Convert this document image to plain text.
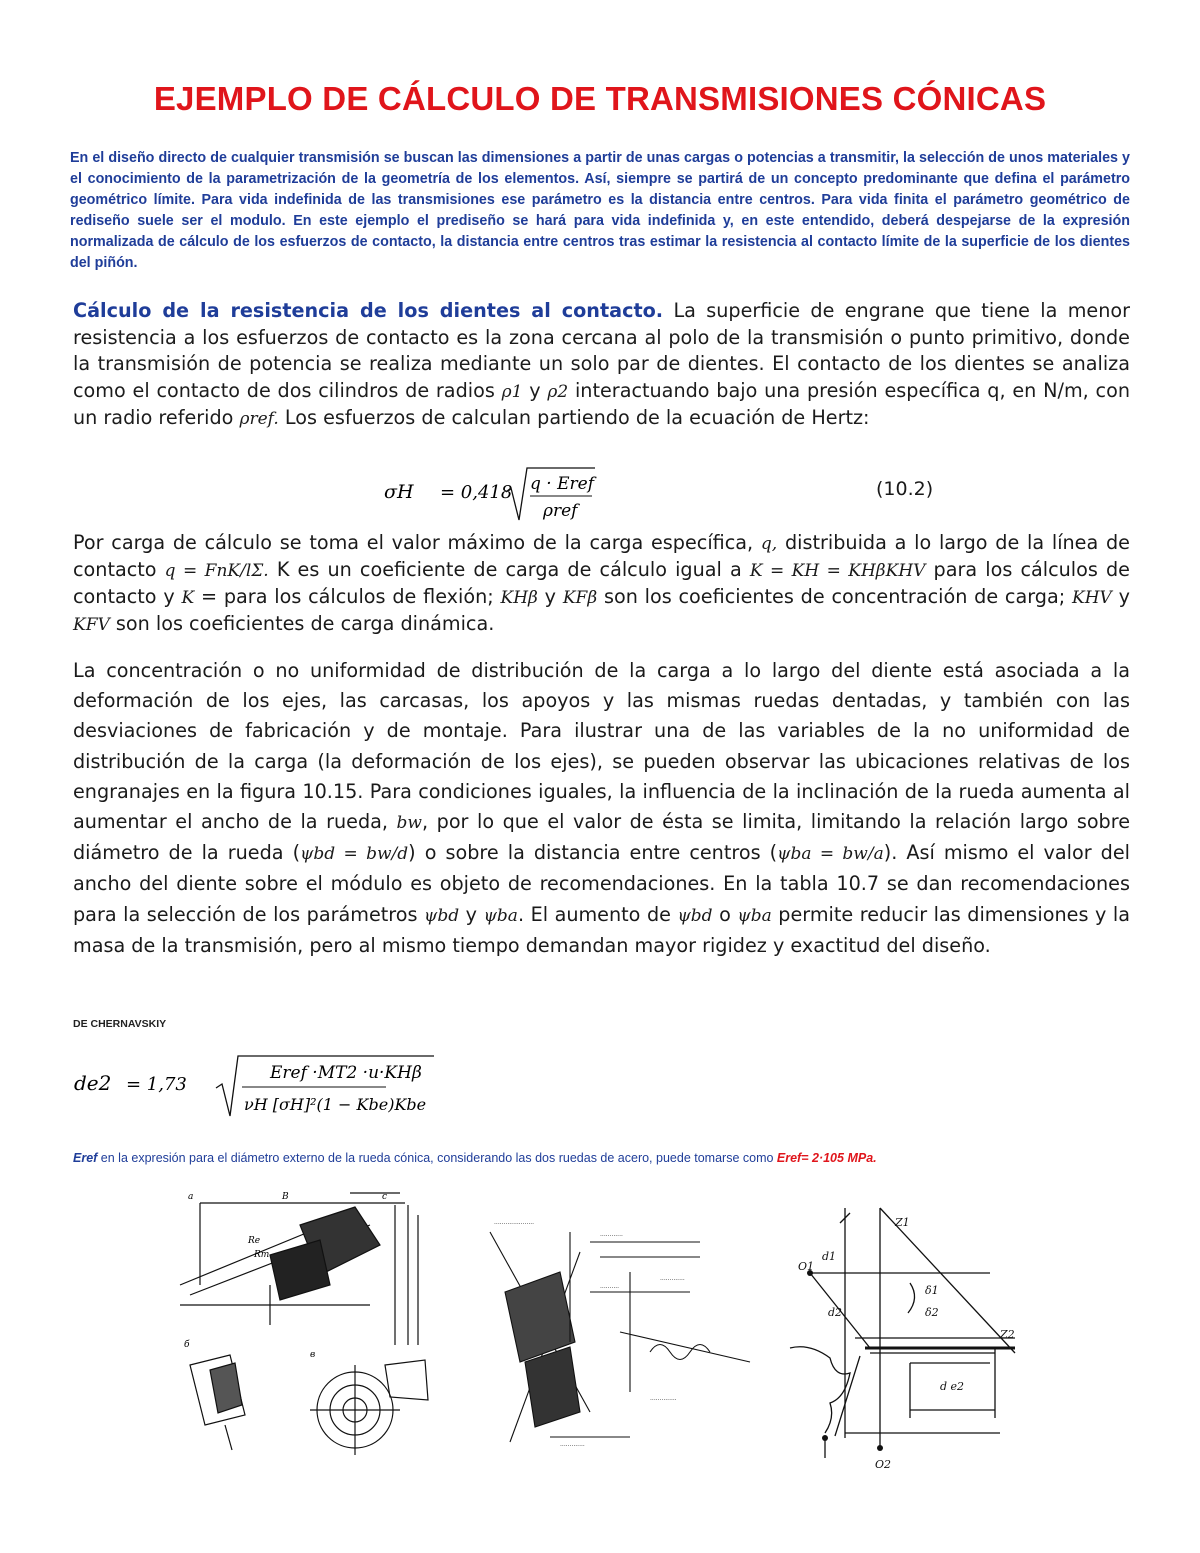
EJEMPLO DE CÁLCULO DE TRANSMISIONES CÓNICAS
En el diseño directo de cualquier transmisión se buscan las dimensiones a partir de unas cargas o potencias a transmitir, la selección de unos materiales y el conocimiento de la parametrización de la geometría de los elementos. Así, siempre se partirá de un concepto predominante que defina el parámetro geométrico límite. Para vida indefinida de las transmisiones ese parámetro es la distancia entre centros. Para vida finita el parámetro geométrico de rediseño suele ser el modulo. En este ejemplo el prediseño se hará para vida indefinida y, en este entendido, deberá despejarse de la expresión normalizada de cálculo de los esfuerzos de contacto, la distancia entre centros tras estimar la resistencia al contacto límite de la superficie de los dientes del piñón.
Cálculo de la resistencia de los dientes al contacto. La superficie de engrane que tiene la menor resistencia a los esfuerzos de contacto es la zona cercana al polo de la transmisión o punto primitivo, donde la transmisión de potencia se realiza mediante un solo par de dientes. El contacto de los dientes se analiza como el contacto de dos cilindros de radios ρ1 y ρ2 interactuando bajo una presión específica q, en N/m, con un radio referido ρref. Los esfuerzos de calculan partiendo de la ecuación de Hertz:
σH = 0,418 q · Eref
ρref
(10.2)
Por carga de cálculo se toma el valor máximo de la carga específica, q, distribuida a lo largo de la línea de contacto q = FnK/lΣ. K es un coeficiente de carga de cálculo igual a K = KH = KHβKHV para los cálculos de contacto y K = para los cálculos de flexión; KHβ y KFβ son los coeficientes de concentración de carga; KHV y KFV son los coeficientes de carga dinámica.
La concentración o no uniformidad de distribución de la carga a lo largo del diente está asociada a la deformación de los ejes, las carcasas, los apoyos y las mismas ruedas dentadas, y también con las desviaciones de fabricación y de montaje. Para ilustrar una de las variables de la no uniformidad de distribución de la carga (la deformación de los ejes), se pueden observar las ubicaciones relativas de los engranajes en la figura 10.15. Para condiciones iguales, la influencia de la inclinación de la rueda aumenta al aumentar el ancho de la rueda, bw, por lo que el valor de ésta se limita, limitando la relación largo sobre diámetro de la rueda (ψbd = bw/d) o sobre la distancia entre centros (ψba = bw/a). Así mismo el valor del ancho del diente sobre el módulo es objeto de recomendaciones. En la tabla 10.7 se dan recomendaciones para la selección de los parámetros ψbd y ψba. El aumento de ψbd o ψba permite reducir las dimensiones y la masa de la transmisión, pero al mismo tiempo demandan mayor rigidez y exactitud del diseño.
DE CHERNAVSKIY
de2 = 1,73
Eref ·MT2 ·u·KHβ
νH [σH]²(1 − Kbe)Kbe
Eref en la expresión para el diámetro externo de la rueda cónica, considerando las dos ruedas de acero, puede tomarse como Eref= 2·105 MPa.
a	B	c
Re
Rm
б
в
·····················
············
·············
··········
··············
·············
Z1
Z2
O1
O2
d1
d2
d e2
δ1
δ2
